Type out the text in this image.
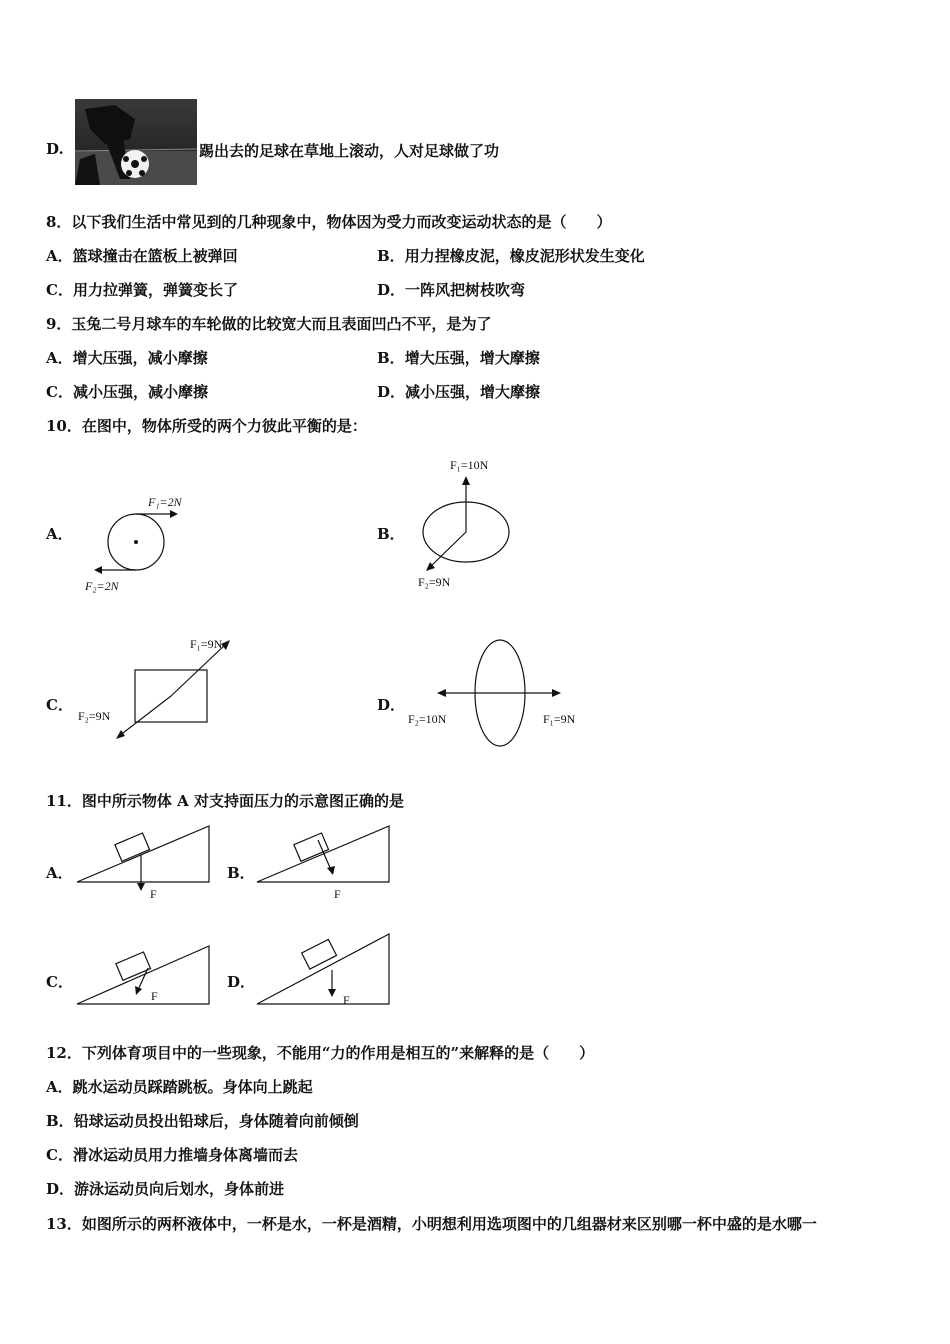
D.	踢出去的足球在草地上滚动，人对足球做了功
8．以下我们生活中常见到的几种现象中，物体因为受力而改变运动状态的是（　　）
A．篮球撞击在篮板上被弹回	B．用力捏橡皮泥，橡皮泥形状发生变化
C．用力拉弹簧，弹簧变长了	D．一阵风把树枝吹弯
9．玉兔二号月球车的车轮做的比较宽大而且表面凹凸不平，是为了
A．增大压强，减小摩擦	B．增大压强，增大摩擦
C．减小压强，减小摩擦	D．减小压强，增大摩擦
10．在图中，物体所受的两个力彼此平衡的是：
A．
F₁=2N
F₂=2N
B．
F₁=10N
F₂=9N
C．
F₁=9N
F₂=9N
D．
F₁=9N
F₂=10N
11．图中所示物体 A 对支持面压力的示意图正确的是
A．
F
B．
F
C．
F
D．
F
12．下列体育项目中的一些现象，不能用“力的作用是相互的”来解释的是（　　）
A．跳水运动员踩踏跳板。身体向上跳起
B．铅球运动员投出铅球后，身体随着向前倾倒
C．滑冰运动员用力推墙身体离墙而去
D．游泳运动员向后划水，身体前进
13．如图所示的两杯液体中，一杯是水，一杯是酒精，小明想利用选项图中的几组器材来区别哪一杯中盛的是水哪一
